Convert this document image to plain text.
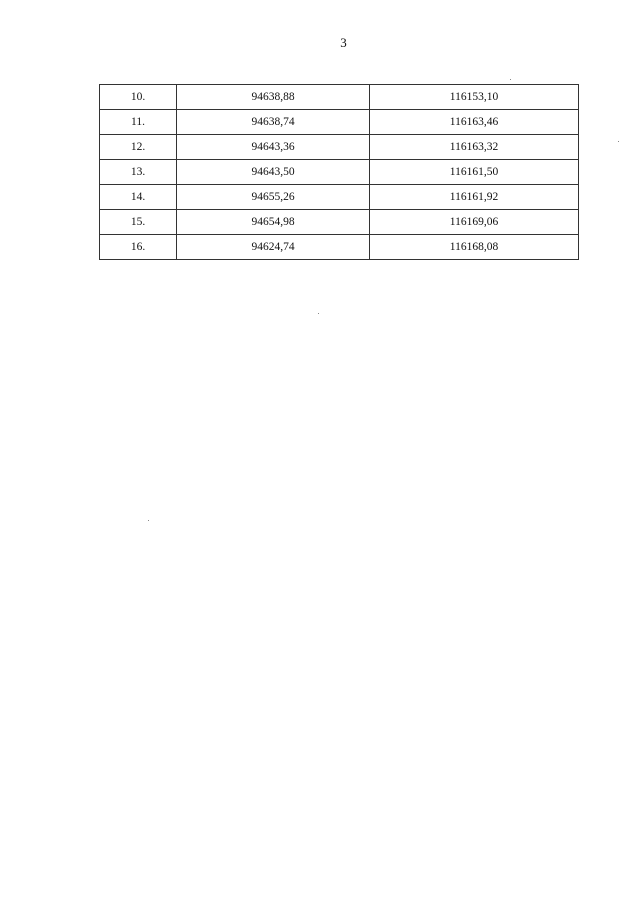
3
10.	94638,88	116153,10
11.	94638,74	116163,46
12.	94643,36	116163,32
13.	94643,50	116161,50
14.	94655,26	116161,92
15.	94654,98	116169,06
16.	94624,74	116168,08
